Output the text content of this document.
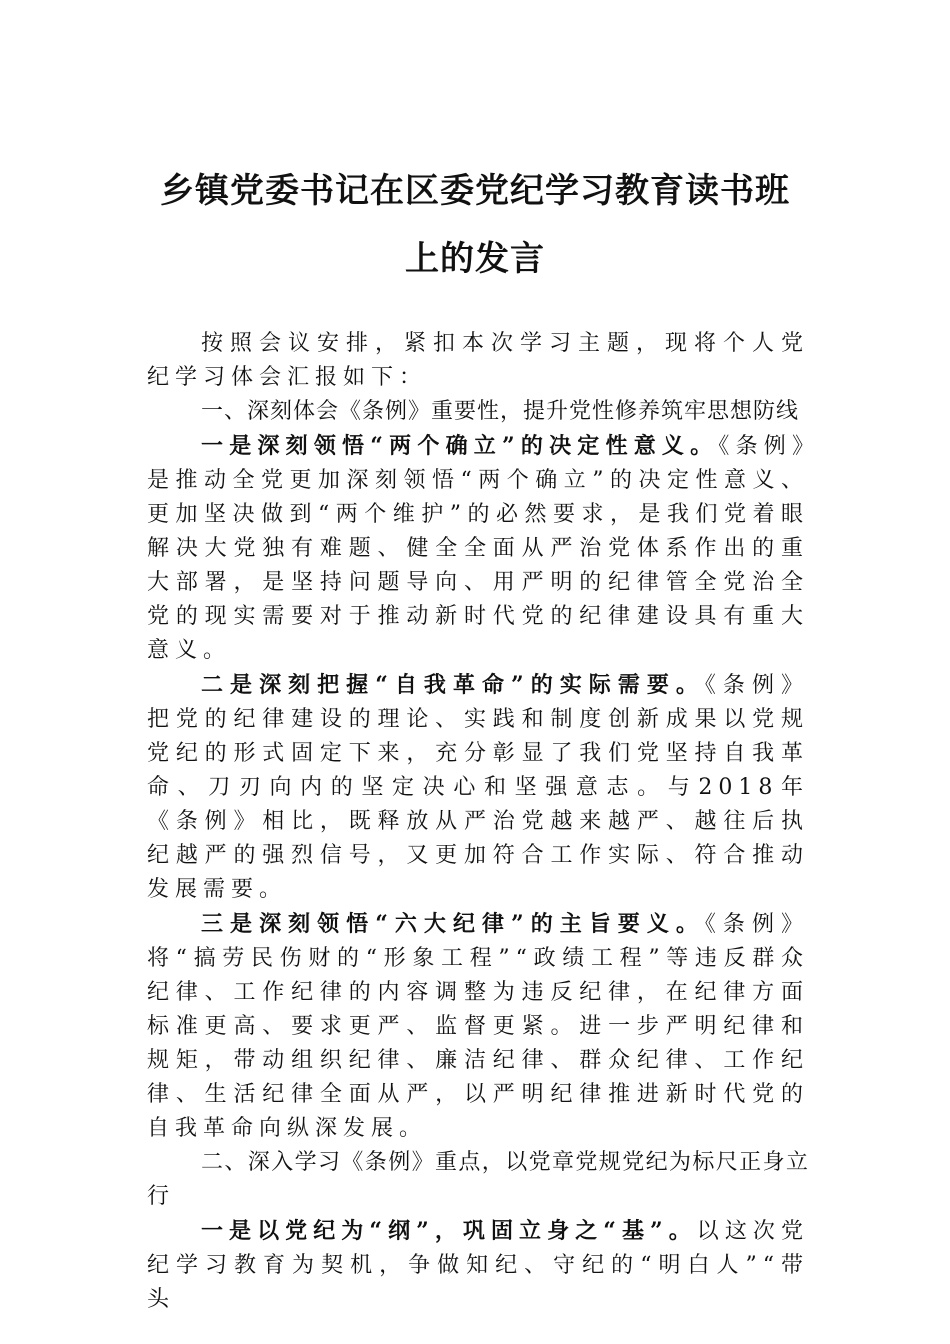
乡镇党委书记在区委党纪学习教育读书班
上的发言

按照会议安排，紧扣本次学习主题，现将个人党纪学习体会汇报如下：

一、深刻体会《条例》重要性，提升党性修养筑牢思想防线

一是深刻领悟“两个确立”的决定性意义。《条例》是推动全党更加深刻领悟“两个确立”的决定性意义、更加坚决做到“两个维护”的必然要求，是我们党着眼解决大党独有难题、健全全面从严治党体系作出的重大部署，是坚持问题导向、用严明的纪律管全党治全党的现实需要对于推动新时代党的纪律建设具有重大意义。

二是深刻把握“自我革命”的实际需要。《条例》把党的纪律建设的理论、实践和制度创新成果以党规党纪的形式固定下来，充分彰显了我们党坚持自我革命、刀刃向内的坚定决心和坚强意志。与2018年《条例》相比，既释放从严治党越来越严、越往后执纪越严的强烈信号，又更加符合工作实际、符合推动发展需要。

三是深刻领悟“六大纪律”的主旨要义。《条例》将“搞劳民伤财的“形象工程”“政绩工程”等违反群众纪律、工作纪律的内容调整为违反纪律，在纪律方面标准更高、要求更严、监督更紧。进一步严明纪律和规矩，带动组织纪律、廉洁纪律、群众纪律、工作纪律、生活纪律全面从严，以严明纪律推进新时代党的自我革命向纵深发展。

二、深入学习《条例》重点，以党章党规党纪为标尺正身立行

一是以党纪为“纲”，巩固立身之“基”。以这次党纪学习教育为契机，争做知纪、守纪的“明白人”“带头
